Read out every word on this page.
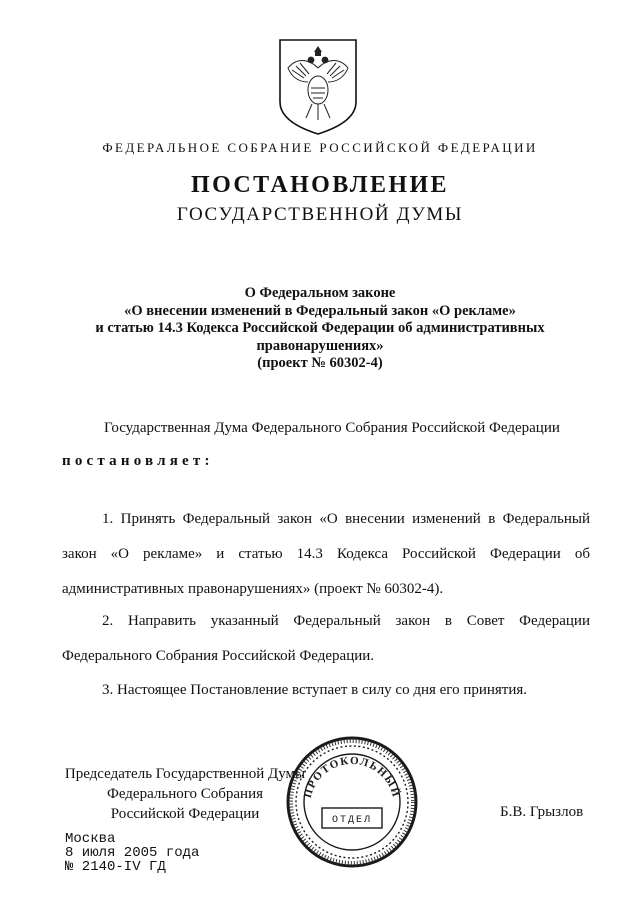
ФЕДЕРАЛЬНОЕ СОБРАНИЕ РОССИЙСКОЙ ФЕДЕРАЦИИ
ПОСТАНОВЛЕНИЕ
ГОСУДАРСТВЕННОЙ ДУМЫ
О Федеральном законе
«О внесении изменений в Федеральный закон «О рекламе»
и статью 14.3 Кодекса Российской Федерации об административных
правонарушениях»
(проект № 60302-4)
Государственная Дума Федерального Собрания Российской Федерации
постановляет:

1. Принять Федеральный закон «О внесении изменений в Федеральный закон «О рекламе» и статью 14.3 Кодекса Российской Федерации об административных правонарушениях» (проект № 60302-4).

2. Направить указанный Федеральный закон в Совет Федерации Федерального Собрания Российской Федерации.

3. Настоящее Постановление вступает в силу со дня его принятия.

Председатель Государственной Думы
Федерального Собрания
Российской Федерации
ПРОТОКОЛЬНЫЙ
ОТДЕЛ
Б.В. Грызлов
Москва
8 июля 2005 года
№ 2140-IV ГД
